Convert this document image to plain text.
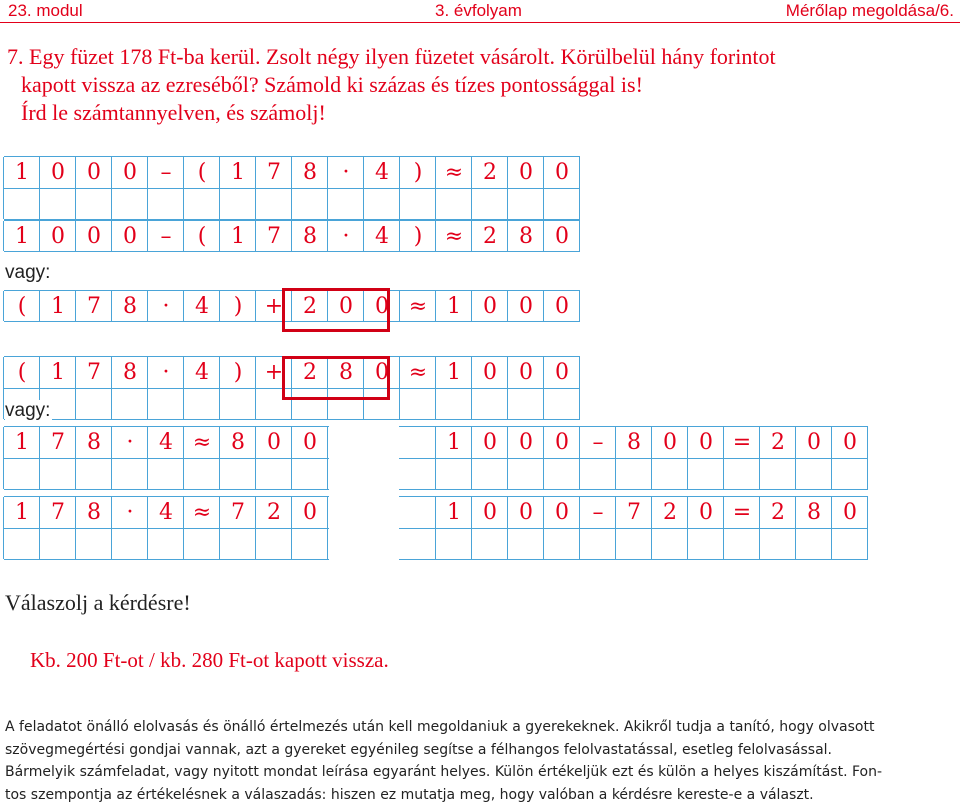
23. modul	3. évfolyam	Mérőlap megoldása/6.
7. Egy füzet 178 Ft-ba kerül. Zsolt négy ilyen füzetet vásárolt. Körülbelül hány forintot
kapott vissza az ezreséből? Számold ki százas és tízes pontossággal is!
Írd le számtannyelven, és számolj!
1	0	0	0	–	(	1	7	8	·	4	)	≈ 2	0	0
1	0	0	0	–	(	1	7	8	·	4	)	≈ 2	8	0
(	1	7	8	·	4	)	+ 2	0	0 ≈ 1	0	0	0
(	1	7	8	·	4	)	+ 2	8	0 ≈ 1	0	0	0
1	7	8	·	4 ≈ 8	0	0	1	0	0	0	–	8	0	0 = 2	0	0
1	7	8	·	4 ≈ 7	2	0	1	0	0	0	–	7	2	0 = 2	8	0
vagy:
vagy:
Válaszolj a kérdésre!
Kb. 200 Ft-ot / kb. 280 Ft-ot kapott vissza.
A feladatot önálló elolvasás és önálló értelmezés után kell megoldaniuk a gyerekeknek. Akikről tudja a tanító, hogy olvasott
szövegmegértési gondjai vannak, azt a gyereket egyénileg segítse a félhangos felolvastatással, esetleg felolvasással.
Bármelyik számfeladat, vagy nyitott mondat leírása egyaránt helyes. Külön értékeljük ezt és külön a helyes kiszámítást. Fon-
tos szempontja az értékelésnek a válaszadás: hiszen ez mutatja meg, hogy valóban a kérdésre kereste-e a választ.
